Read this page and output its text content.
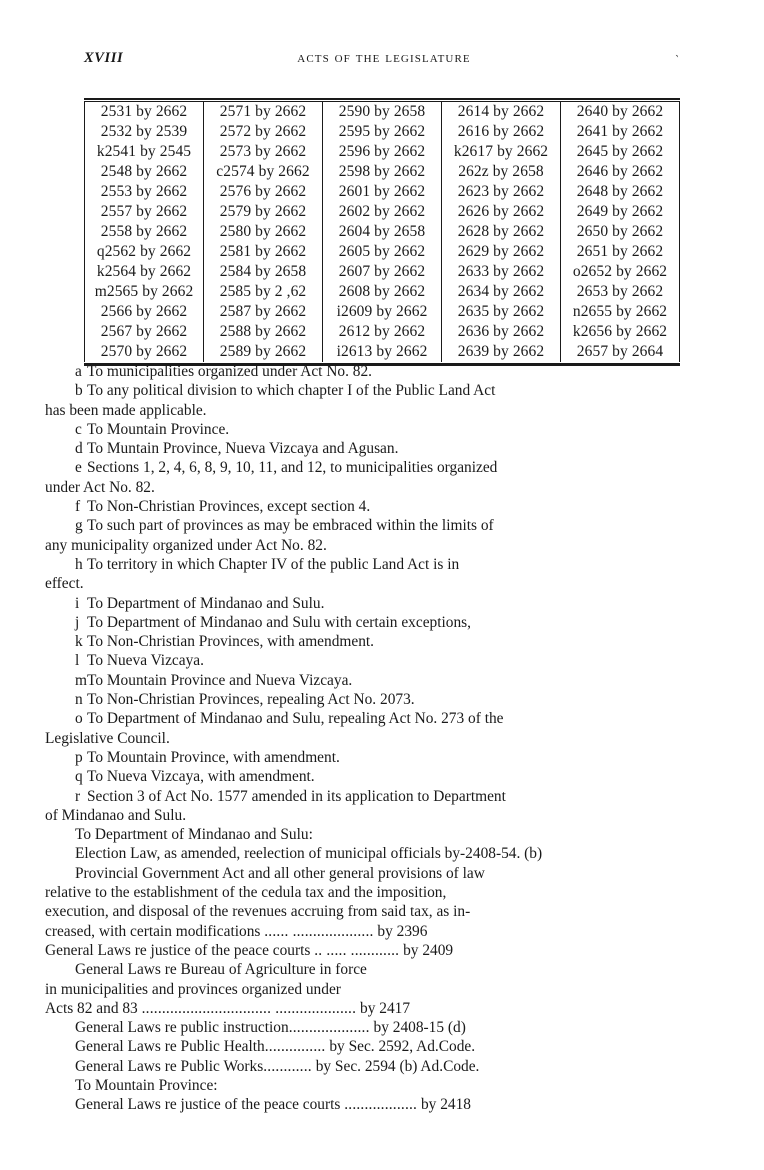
XVIII	acts of the legislature	`
2531 by 2662	2571 by 2662	2590 by 2658	2614 by 2662	2640 by 2662
2532 by 2539	2572 by 2662	2595 by 2662	2616 by 2662	2641 by 2662
k2541 by 2545	2573 by 2662	2596 by 2662	k2617 by 2662	2645 by 2662
2548 by 2662	c2574 by 2662	2598 by 2662	262z by 2658	2646 by 2662
2553 by 2662	2576 by 2662	2601 by 2662	2623 by 2662	2648 by 2662
2557 by 2662	2579 by 2662	2602 by 2662	2626 by 2662	2649 by 2662
2558 by 2662	2580 by 2662	2604 by 2658	2628 by 2662	2650 by 2662
q2562 by 2662	2581 by 2662	2605 by 2662	2629 by 2662	2651 by 2662
k2564 by 2662	2584 by 2658	2607 by 2662	2633 by 2662	o2652 by 2662
m2565 by 2662	2585 by 2 ,62	2608 by 2662	2634 by 2662	2653 by 2662
2566 by 2662	2587 by 2662	i2609 by 2662	2635 by 2662	n2655 by 2662
2567 by 2662	2588 by 2662	2612 by 2662	2636 by 2662	k2656 by 2662
2570 by 2662	2589 by 2662	i2613 by 2662	2639 by 2662	2657 by 2664

a To municipalities organized under Act No. 82.

b To any political division to which chapter I of the Public Land Act

has been made applicable.

c To Mountain Province.

d To Muntain Province, Nueva Vizcaya and Agusan.

e Sections 1, 2, 4, 6, 8, 9, 10, 11, and 12, to municipalities organized

under Act No. 82.

f To Non-Christian Provinces, except section 4.

g To such part of provinces as may be embraced within the limits of

any municipality organized under Act No. 82.

h To territory in which Chapter IV of the public Land Act is in

effect.

i To Department of Mindanao and Sulu.

j To Department of Mindanao and Sulu with certain exceptions,

k To Non-Christian Provinces, with amendment.

l To Nueva Vizcaya.

mTo Mountain Province and Nueva Vizcaya.

n To Non-Christian Provinces, repealing Act No. 2073.

o To Department of Mindanao and Sulu, repealing Act No. 273 of the

Legislative Council.

p To Mountain Province, with amendment.

q To Nueva Vizcaya, with amendment.

r Section 3 of Act No. 1577 amended in its application to Department

of Mindanao and Sulu.

To Department of Mindanao and Sulu:

Election Law, as amended, reelection of municipal officials by-2408-54. (b)

Provincial Government Act and all other general provisions of law

relative to the establishment of the cedula tax and the imposition,

execution, and disposal of the revenues accruing from said tax, as in-

creased, with certain modifications ...... .................... by 2396

General Laws re justice of the peace courts .. ..... ............ by 2409

General Laws re Bureau of Agriculture in force

in municipalities and provinces organized under

Acts 82 and 83 ................................ .................... by 2417

General Laws re public instruction.................... by 2408-15 (d)

General Laws re Public Health............... by Sec. 2592, Ad.Code.

General Laws re Public Works............ by Sec. 2594 (b) Ad.Code.

To Mountain Province:

General Laws re justice of the peace courts .................. by 2418
